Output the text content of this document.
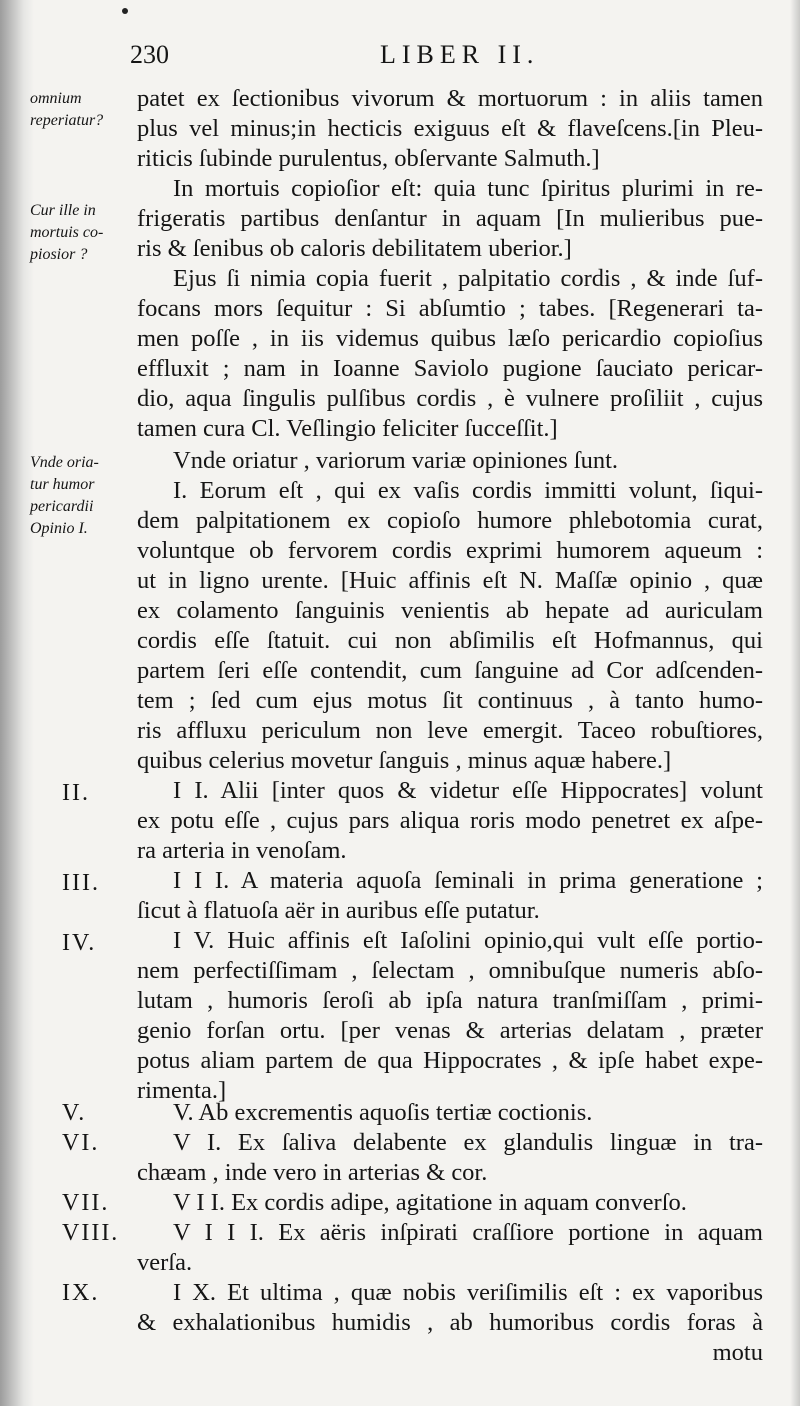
230	LIBER II.
omnium
reperiatur?
Cur ille in
mortuis co-
piosior ?
Vnde oria-
tur humor
pericardii
Opinio I.
II.
III.
IV.
V.
VI.
VII.
VIII.
IX.
patet ex ſectionibus vivorum & mortuorum : in aliis tamen
plus vel minus;in hecticis exiguus eſt & flaveſcens.[in Pleu-
riticis ſubinde purulentus, obſervante Salmuth.]
In mortuis copioſior eſt: quia tunc ſpiritus plurimi in re-
frigeratis partibus denſantur in aquam [In mulieribus pue-
ris & ſenibus ob caloris debilitatem uberior.]
Ejus ſi nimia copia fuerit , palpitatio cordis , & inde ſuf-
focans mors ſequitur : Si abſumtio ; tabes. [Regenerari ta-
men poſſe , in iis videmus quibus læſo pericardio copioſius
effluxit ; nam in Ioanne Saviolo pugione ſauciato pericar-
dio, aqua ſingulis pulſibus cordis , è vulnere proſiliit , cujus
tamen cura Cl. Veſlingio feliciter ſucceſſit.]
Vnde oriatur , variorum variæ opiniones ſunt.
I. Eorum eſt , qui ex vaſis cordis immitti volunt, ſiqui-
dem palpitationem ex copioſo humore phlebotomia curat,
voluntque ob fervorem cordis exprimi humorem aqueum :
ut in ligno urente. [Huic affinis eſt N. Maſſæ opinio , quæ
ex colamento ſanguinis venientis ab hepate ad auriculam
cordis eſſe ſtatuit. cui non abſimilis eſt Hofmannus, qui
partem ſeri eſſe contendit, cum ſanguine ad Cor adſcenden-
tem ; ſed cum ejus motus ſit continuus , à tanto humo-
ris affluxu periculum non leve emergit. Taceo robuſtiores,
quibus celerius movetur ſanguis , minus aquæ habere.]
I I. Alii [inter quos & videtur eſſe Hippocrates] volunt
ex potu eſſe , cujus pars aliqua roris modo penetret ex aſpe-
ra arteria in venoſam.
I I I. A materia aquoſa ſeminali in prima generatione ;
ſicut à flatuoſa aër in auribus eſſe putatur.
I V. Huic affinis eſt Iaſolini opinio,qui vult eſſe portio-
nem perfectiſſimam , ſelectam , omnibuſque numeris abſo-
lutam , humoris ſeroſi ab ipſa natura tranſmiſſam , primi-
genio forſan ortu. [per venas & arterias delatam , præter
potus aliam partem de qua Hippocrates , & ipſe habet expe-
rimenta.]
V. Ab excrementis aquoſis tertiæ coctionis.
V I. Ex ſaliva delabente ex glandulis linguæ in tra-
chæam , inde vero in arterias & cor.
V I I. Ex cordis adipe, agitatione in aquam converſo.
V I I I. Ex aëris inſpirati craſſiore portione in aquam
verſa.
I X. Et ultima , quæ nobis veriſimilis eſt : ex vaporibus
& exhalationibus humidis , ab humoribus cordis foras à
motu
